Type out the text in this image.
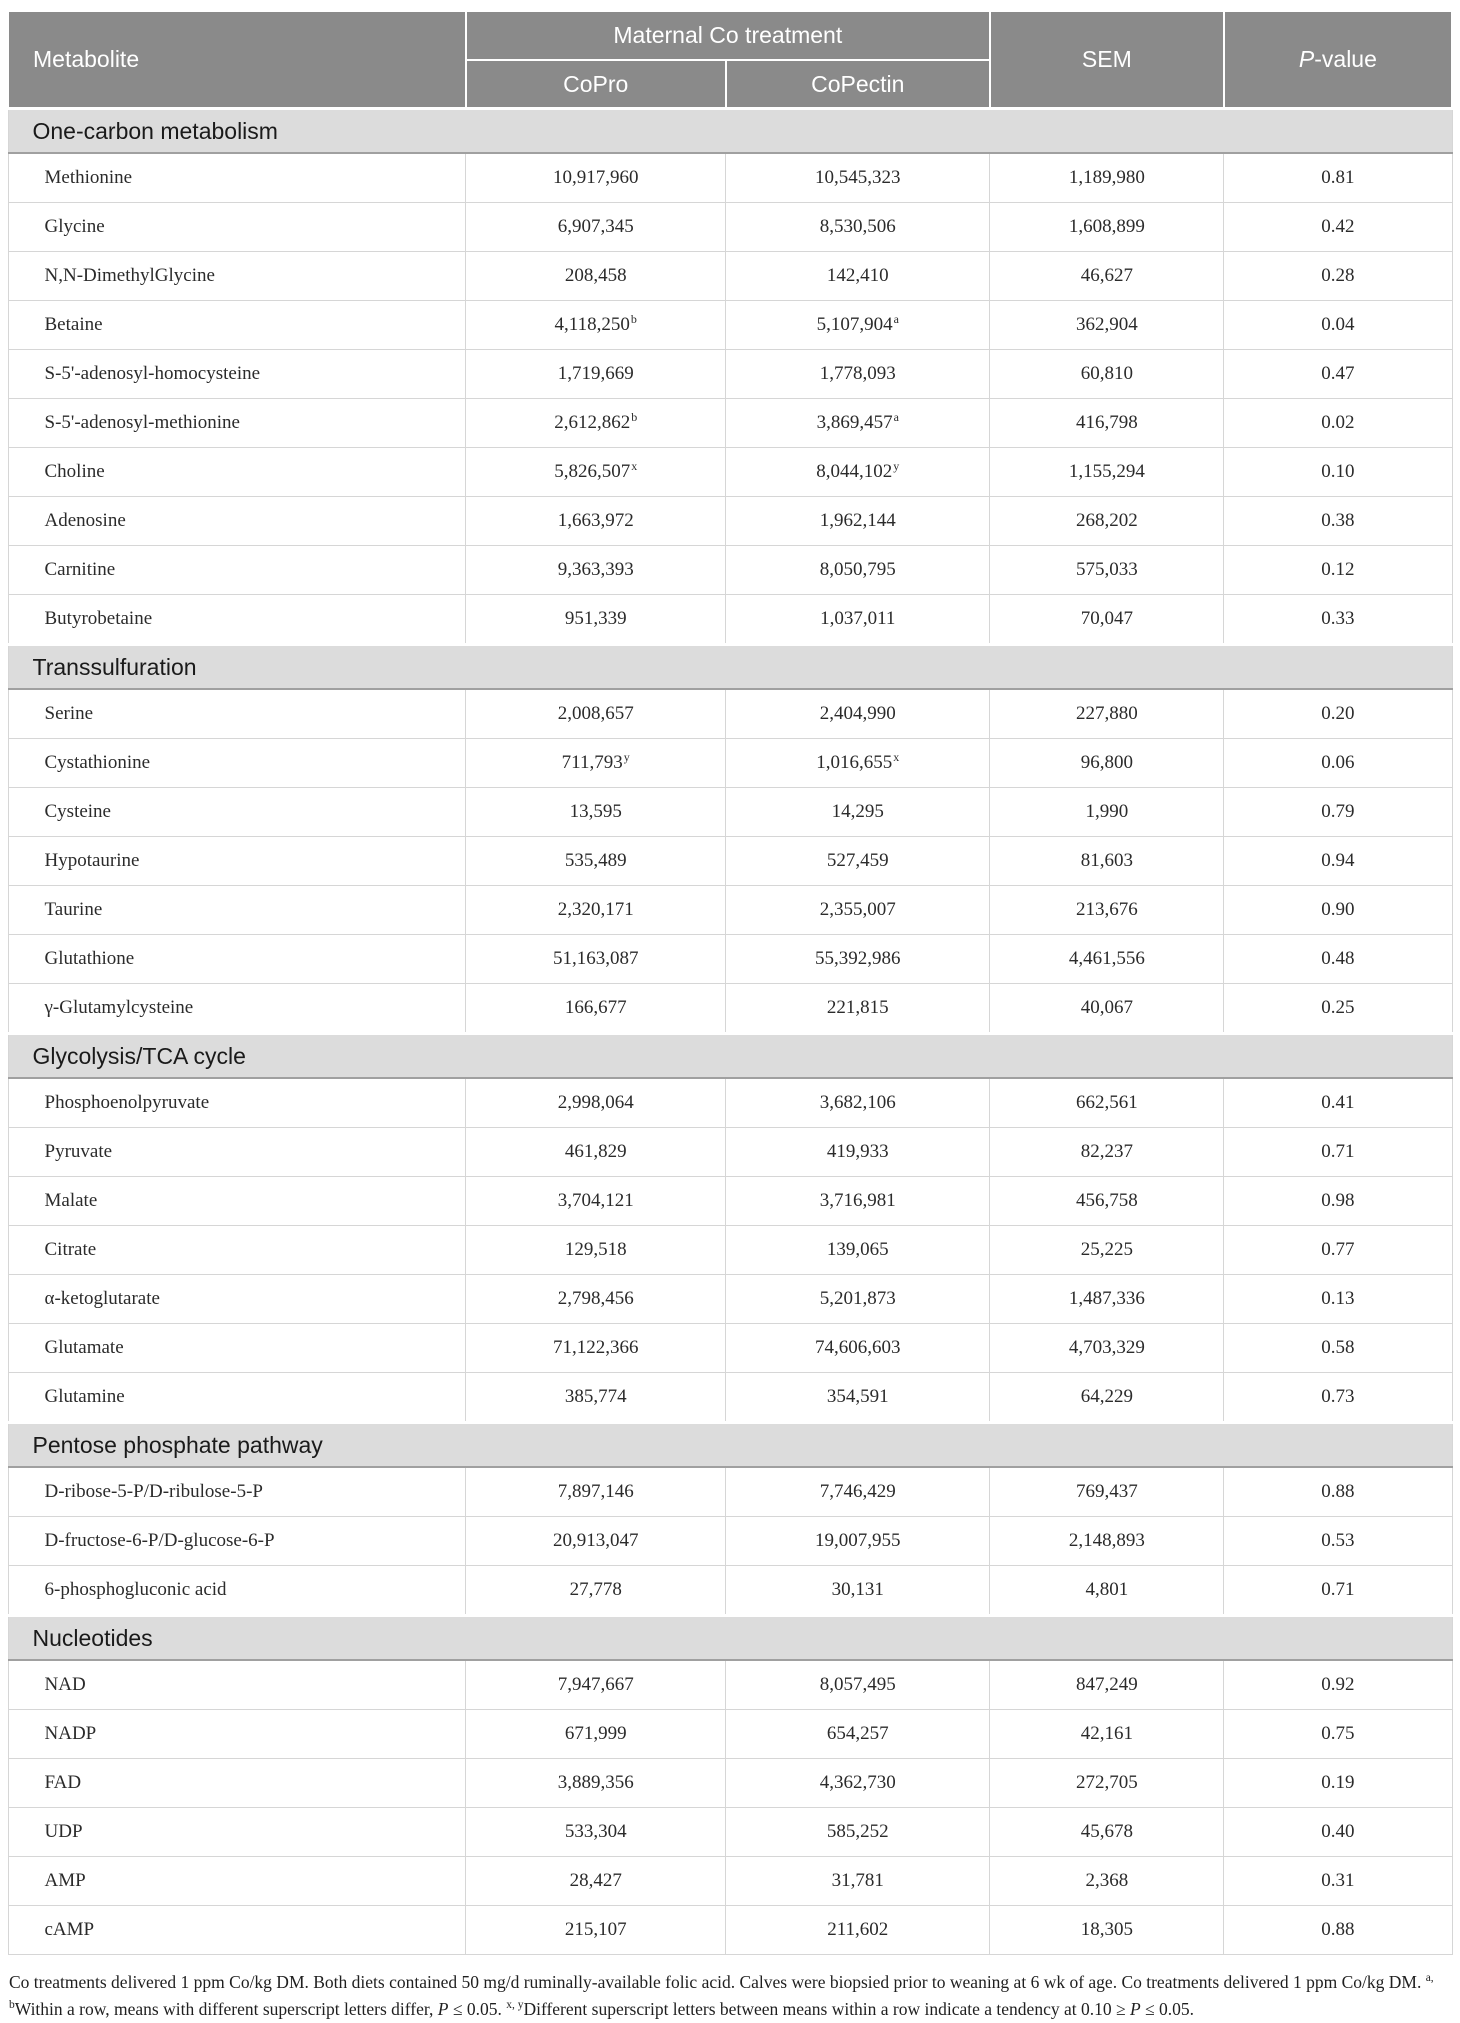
Metabolite	Maternal Co treatment		SEM	P-value
	CoPro	CoPectin		
One-carbon metabolism				
Methionine	10,917,960	10,545,323	1,189,980	0.81
Glycine	6,907,345	8,530,506	1,608,899	0.42
N,N-DimethylGlycine	208,458	142,410	46,627	0.28
Betaine	4,118,250$^b$	5,107,904$^a$	362,904	0.04
S-5'-adenosyl-homocysteine	1,719,669	1,778,093	60,810	0.47
S-5'-adenosyl-methionine	2,612,862$^b$	3,869,457$^a$	416,798	0.02
Choline	5,826,507$^x$	8,044,102$^y$	1,155,294	0.10
Adenosine	1,663,972	1,962,144	268,202	0.38
Carnitine	9,363,393	8,050,795	575,033	0.12
Butyrobetaine	951,339	1,037,011	70,047	0.33
Transsulfuration				
Serine	2,008,657	2,404,990	227,880	0.20
Cystathionine	711,793$^y$	1,016,655$^x$	96,800	0.06
Cysteine	13,595	14,295	1,990	0.79
Hypotaurine	535,489	527,459	81,603	0.94
Taurine	2,320,171	2,355,007	213,676	0.90
Glutathione	51,163,087	55,392,986	4,461,556	0.48
γ-Glutamylcysteine	166,677	221,815	40,067	0.25
Glycolysis/TCA cycle				
Phosphoenolpyruvate	2,998,064	3,682,106	662,561	0.41
Pyruvate	461,829	419,933	82,237	0.71
Malate	3,704,121	3,716,981	456,758	0.98
Citrate	129,518	139,065	25,225	0.77
α-ketoglutarate	2,798,456	5,201,873	1,487,336	0.13
Glutamate	71,122,366	74,606,603	4,703,329	0.58
Glutamine	385,774	354,591	64,229	0.73
Pentose phosphate pathway				
D-ribose-5-P/D-ribulose-5-P	7,897,146	7,746,429	769,437	0.88
D-fructose-6-P/D-glucose-6-P	20,913,047	19,007,955	2,148,893	0.53
6-phosphogluconic acid	27,778	30,131	4,801	0.71
Nucleotides				
NAD	7,947,667	8,057,495	847,249	0.92
NADP	671,999	654,257	42,161	0.75
FAD	3,889,356	4,362,730	272,705	0.19
UDP	533,304	585,252	45,678	0.40
AMP	28,427	31,781	2,368	0.31
cAMP	215,107	211,602	18,305	0.88

Co treatments delivered 1 ppm Co/kg DM. Both diets contained 50 mg/d ruminally-available folic acid. Calves were biopsied prior to weaning at 6 wk of age. Co treatments delivered 1 ppm Co/kg DM. $^{a, b}$Within a row, means with different superscript letters differ, P ≤ 0.05. $^{x, y}$Different superscript letters between means within a row indicate a tendency at 0.10 ≥ P ≤ 0.05.
